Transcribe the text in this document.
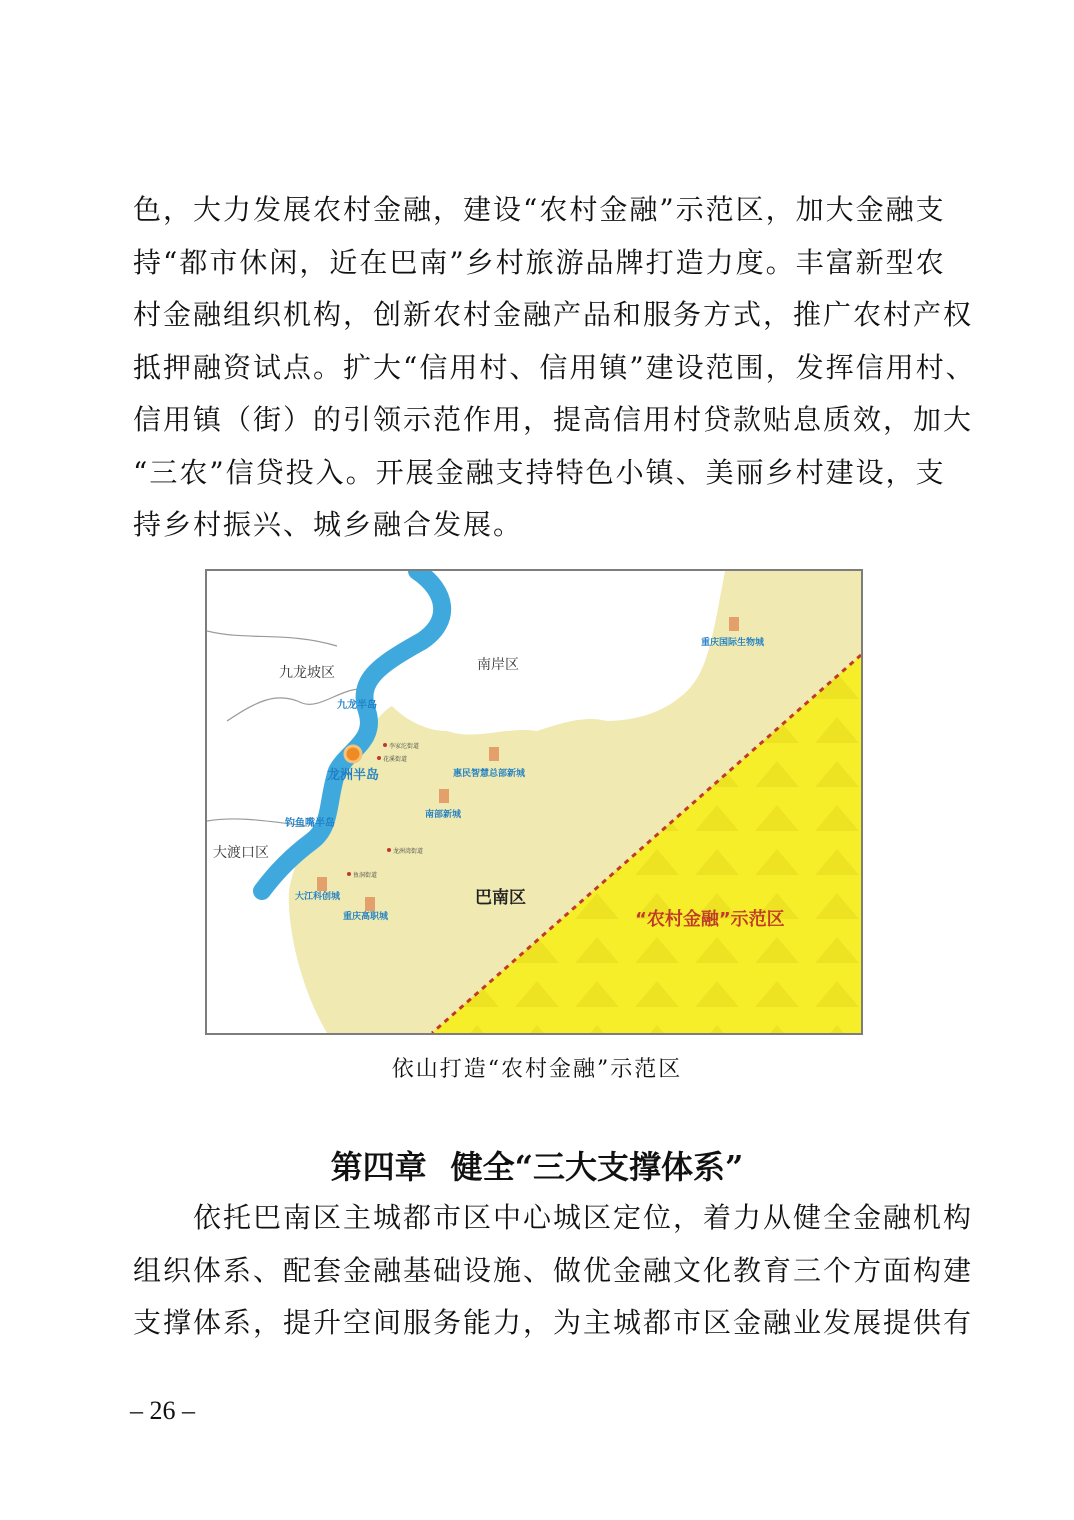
色，大力发展农村金融，建设“农村金融”示范区，加大金融支
持“都市休闲，近在巴南”乡村旅游品牌打造力度。丰富新型农
村金融组织机构，创新农村金融产品和服务方式，推广农村产权
抵押融资试点。扩大“信用村、信用镇”建设范围，发挥信用村、
信用镇（街）的引领示范作用，提高信用村贷款贴息质效，加大
“三农”信贷投入。开展金融支持特色小镇、美丽乡村建设，支
持乡村振兴、城乡融合发展。
九龙坡区	南岸区
大渡口区
巴南区
九龙半岛
龙洲半岛
钓鱼嘴半岛
重庆国际生物城
惠民智慧总部新城
南部新城
大江科创城
重庆高职城
李家沱街道
花溪街道
龙洲湾街道
鱼洞街道
“农村金融”示范区
依山打造“农村金融”示范区
第四章 健全“三大支撑体系”
　　依托巴南区主城都市区中心城区定位，着力从健全金融机构
组织体系、配套金融基础设施、做优金融文化教育三个方面构建
支撑体系，提升空间服务能力，为主城都市区金融业发展提供有
– 26 –
